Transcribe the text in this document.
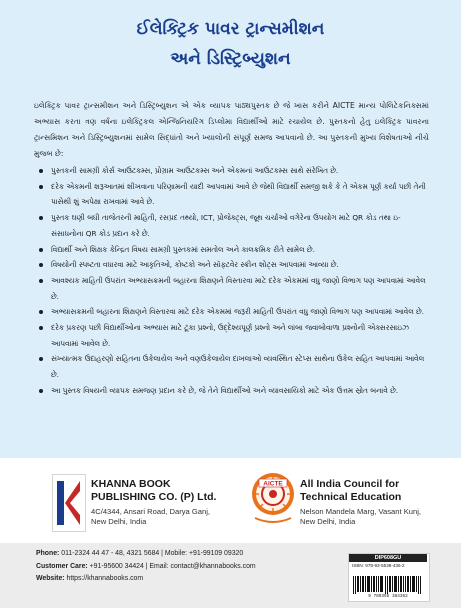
ઈલેક્ટ્રિક પાવર ટ્રાન્સમીશન
અને ડિસ્ટ્રિબ્યુશન
ઇલેક્ટ્રિક પાવર ટ્રાન્સમીશન અને ડિસ્ટ્રિબ્યુશન એ એક વ્યાપક પાઠ્યપુસ્તક છે જે ખાસ કરીને AICTE માન્ય પોલિટેકનિક્સમાં અભ્યાસ કરતા ત્રણ વર્ષના ઇલેક્ટ્રિકલ એન્જિનિયરિંગ ડિપ્લોમા વિદ્યાર્થીઓ માટે રચાયેલ છે. પુસ્તકનો હેતુ ઇલેક્ટ્રિક પાવરના ટ્રાન્સમિશન અને ડિસ્ટ્રિબ્યુશનમાં સામેલ સિદ્ધાંતો અને ખ્યાલોની સંપૂર્ણ સમજ આપવાનો છે. આ પુસ્તકની મુખ્ય વિશેષતાઓ નીચે મુજબ છે:
પુસ્તકની સામગ્રી કોર્સ આઉટકમ્સ, પ્રોગ્રામ આઉટકમ્સ અને એકમનાં આઉટકમ્સ સાથે સંરેખિત છે.
દરેક એકમની શરૂઆતમાં શીખવાના પરિણામની યાદી આપવામાં આવે છે જેથી વિદ્યાર્થી સમજી શકે કે તે એકમ પૂર્ણ કર્યા પછી તેની પાસેથી શું અપેક્ષા રાખવામાં આવે છે.
પુસ્તક ઘણી બધી તાજેતરની માહિતી, રસપ્રદ તથ્યો, ICT, પ્રોજેક્ટ્સ, જૂથ ચર્ચાઓ વગેરેના ઉપયોગ માટે QR કોડ તથા ઇ-સંસાધનોના QR કોડ પ્રદાન કરે છે.
વિદ્યાર્થી અને શિક્ષક કેન્દ્રિત વિષય સામગ્રી પુસ્તકમાં સમતોલ અને કાલક્રમિક રીતે સામેલ છે.
વિષયોની સ્પષ્ટતા વધારવા માટે આકૃતિઓ, કોષ્ટકો અને સૉફ્ટવેર સ્ક્રીન શોટ્સ આપવામાં આવ્યા છે.
આવશ્યક માહિતી ઉપરાંત અભ્યાસક્રમની બહારના શિક્ષણને વિસ્તારવા માટે દરેક એકમમાં વધુ જાણો વિભાગ પણ આપવામાં આવેલ છે.
અભ્યાસક્રમની બહારના શિક્ષણને વિસ્તારવા માટે દરેક એકમમાં જરૂરી માહિતી ઉપરાંત વધુ જાણો વિભાગ પણ આપવામાં આવેલ છે.
દરેક પ્રકરણ પછી વિદ્યાર્થીઓના અભ્યાસ માટે ટૂંકા પ્રશ્નો, ઉદ્દેશ્યપૂર્ણ પ્રશ્નો અને લાંબા જવાબોવાળા પ્રશ્નોની એક્સરસાઇઝ આપવામાં આવેલ છે.
સંખ્યાત્મક ઉદાહરણો સહિતના ઉકેલાયેલ અને વણઉકેલાયેલ દાખલાઓ વ્યવસ્થિત સ્ટેપ્સ સાથેના ઉકેલ સહિત આપવામાં આવેલ છે.
આ પુસ્તક વિષયની વ્યાપક સમજણ પ્રદાન કરે છે, જે તેને વિદ્યાર્થીઓ અને વ્યાવસાયિકો માટે એક ઉત્તમ સ્રોત બનાવે છે.
KHANNA BOOK
PUBLISHING CO. (P) Ltd.
4C/4344, Ansari Road, Darya Ganj,
New Delhi, India
AICTE All India Council for
Technical Education
Nelson Mandela Marg, Vasant Kunj,
New Delhi, India
Phone: 011-2324 44 47 - 48, 4321 5684 | Mobile: +91-99109 09320
Customer Care: +91-95600 34424 | Email: contact@khannabooks.com
Website: https://khannabooks.com
DIP608GU
ISBN: 978-93-5538-436-2
9 789355 384362
